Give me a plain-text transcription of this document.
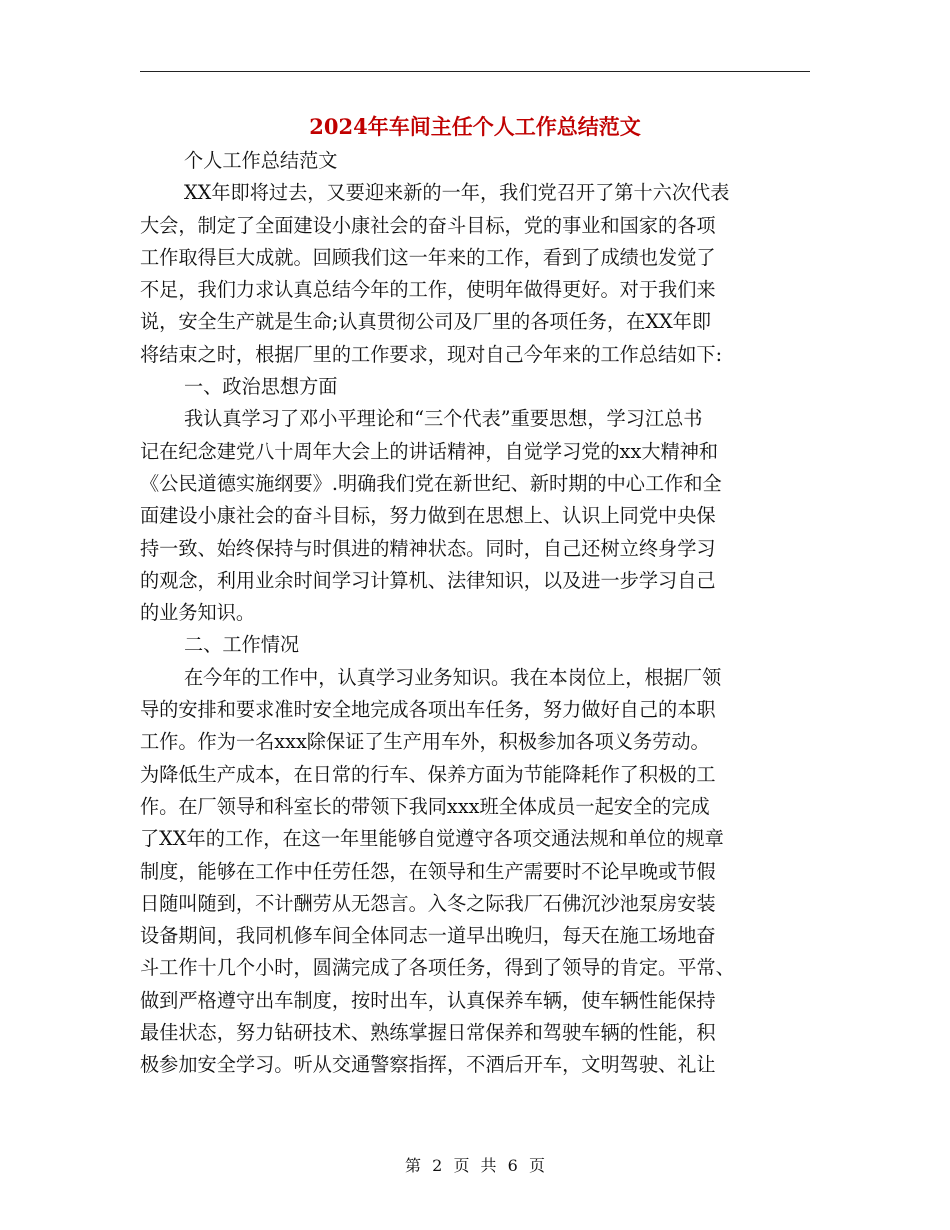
2024年车间主任个人工作总结范文
个人工作总结范文
XX年即将过去，又要迎来新的一年，我们党召开了第十六次代表
大会，制定了全面建设小康社会的奋斗目标，党的事业和国家的各项
工作取得巨大成就。回顾我们这一年来的工作，看到了成绩也发觉了
不足，我们力求认真总结今年的工作，使明年做得更好。对于我们来
说，安全生产就是生命;认真贯彻公司及厂里的各项任务，在XX年即
将结束之时，根据厂里的工作要求，现对自己今年来的工作总结如下:
一、政治思想方面
我认真学习了邓小平理论和“三个代表”重要思想，学习江总书
记在纪念建党八十周年大会上的讲话精神，自觉学习党的xx大精神和
《公民道德实施纲要》.明确我们党在新世纪、新时期的中心工作和全
面建设小康社会的奋斗目标，努力做到在思想上、认识上同党中央保
持一致、始终保持与时俱进的精神状态。同时，自己还树立终身学习
的观念，利用业余时间学习计算机、法律知识，以及进一步学习自己
的业务知识。
二、工作情况
在今年的工作中，认真学习业务知识。我在本岗位上，根据厂领
导的安排和要求准时安全地完成各项出车任务，努力做好自己的本职
工作。作为一名xxx除保证了生产用车外，积极参加各项义务劳动。
为降低生产成本，在日常的行车、保养方面为节能降耗作了积极的工
作。在厂领导和科室长的带领下我同xxx班全体成员一起安全的完成
了XX年的工作，在这一年里能够自觉遵守各项交通法规和单位的规章
制度，能够在工作中任劳任怨，在领导和生产需要时不论早晚或节假
日随叫随到，不计酬劳从无怨言。入冬之际我厂石佛沉沙池泵房安装
设备期间，我同机修车间全体同志一道早出晚归，每天在施工场地奋
斗工作十几个小时，圆满完成了各项任务，得到了领导的肯定。平常、
做到严格遵守出车制度，按时出车，认真保养车辆，使车辆性能保持
最佳状态，努力钻研技术、熟练掌握日常保养和驾驶车辆的性能，积
极参加安全学习。听从交通警察指挥，不酒后开车，文明驾驶、礼让
第 2 页 共 6 页
